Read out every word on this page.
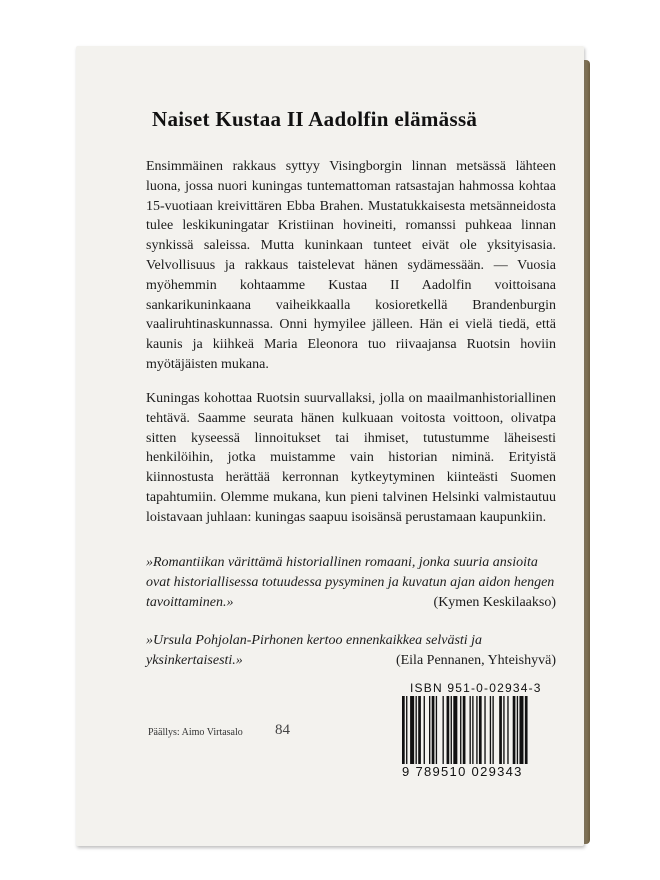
Naiset Kustaa II Aadolfin elämässä
Ensimmäinen rakkaus syttyy Visingborgin linnan metsässä lähteen luona, jossa nuori kuningas tuntemattoman ratsastajan hahmossa kohtaa 15-vuotiaan kreivittären Ebba Brahen. Mustatukkaisesta metsänneidosta tulee leskikuningatar Kristiinan hovineiti, romanssi puhkeaa linnan synkissä saleissa. Mutta kuninkaan tunteet eivät ole yksityisasia. Velvollisuus ja rakkaus taistelevat hänen sydämessään. — Vuosia myöhemmin kohtaamme Kustaa II Aadolfin voittoisana sankarikuninkaana vaiheikkaalla kosioretkellä Brandenburgin vaaliruhtinaskunnassa. Onni hymyilee jälleen. Hän ei vielä tiedä, että kaunis ja kiihkeä Maria Eleonora tuo riivaajansa Ruotsin hoviin myötäjäisten mukana.
Kuningas kohottaa Ruotsin suurvallaksi, jolla on maailmanhistoriallinen tehtävä. Saamme seurata hänen kulkuaan voitosta voittoon, olivatpa sitten kyseessä linnoitukset tai ihmiset, tutustumme läheisesti henkilöihin, jotka muistamme vain historian niminä. Erityistä kiinnostusta herättää kerronnan kytkeytyminen kiinteästi Suomen tapahtumiin. Olemme mukana, kun pieni talvinen Helsinki valmistautuu loistavaan juhlaan: kuningas saapuu isoisänsä perustamaan kaupunkiin.
»Romantiikan värittämä historiallinen romaani, jonka suuria ansioita ovat historiallisessa totuudessa pysyminen ja kuvatun ajan aidon hengen tavoittaminen.»	(Kymen Keskilaakso)
»Ursula Pohjolan-Pirhonen kertoo ennenkaikkea selvästi ja yksinkertaisesti.»	(Eila Pennanen, Yhteishyvä)
Päällys: Aimo Virtasalo 84
ISBN 951-0-02934-3
9 789510 029343
